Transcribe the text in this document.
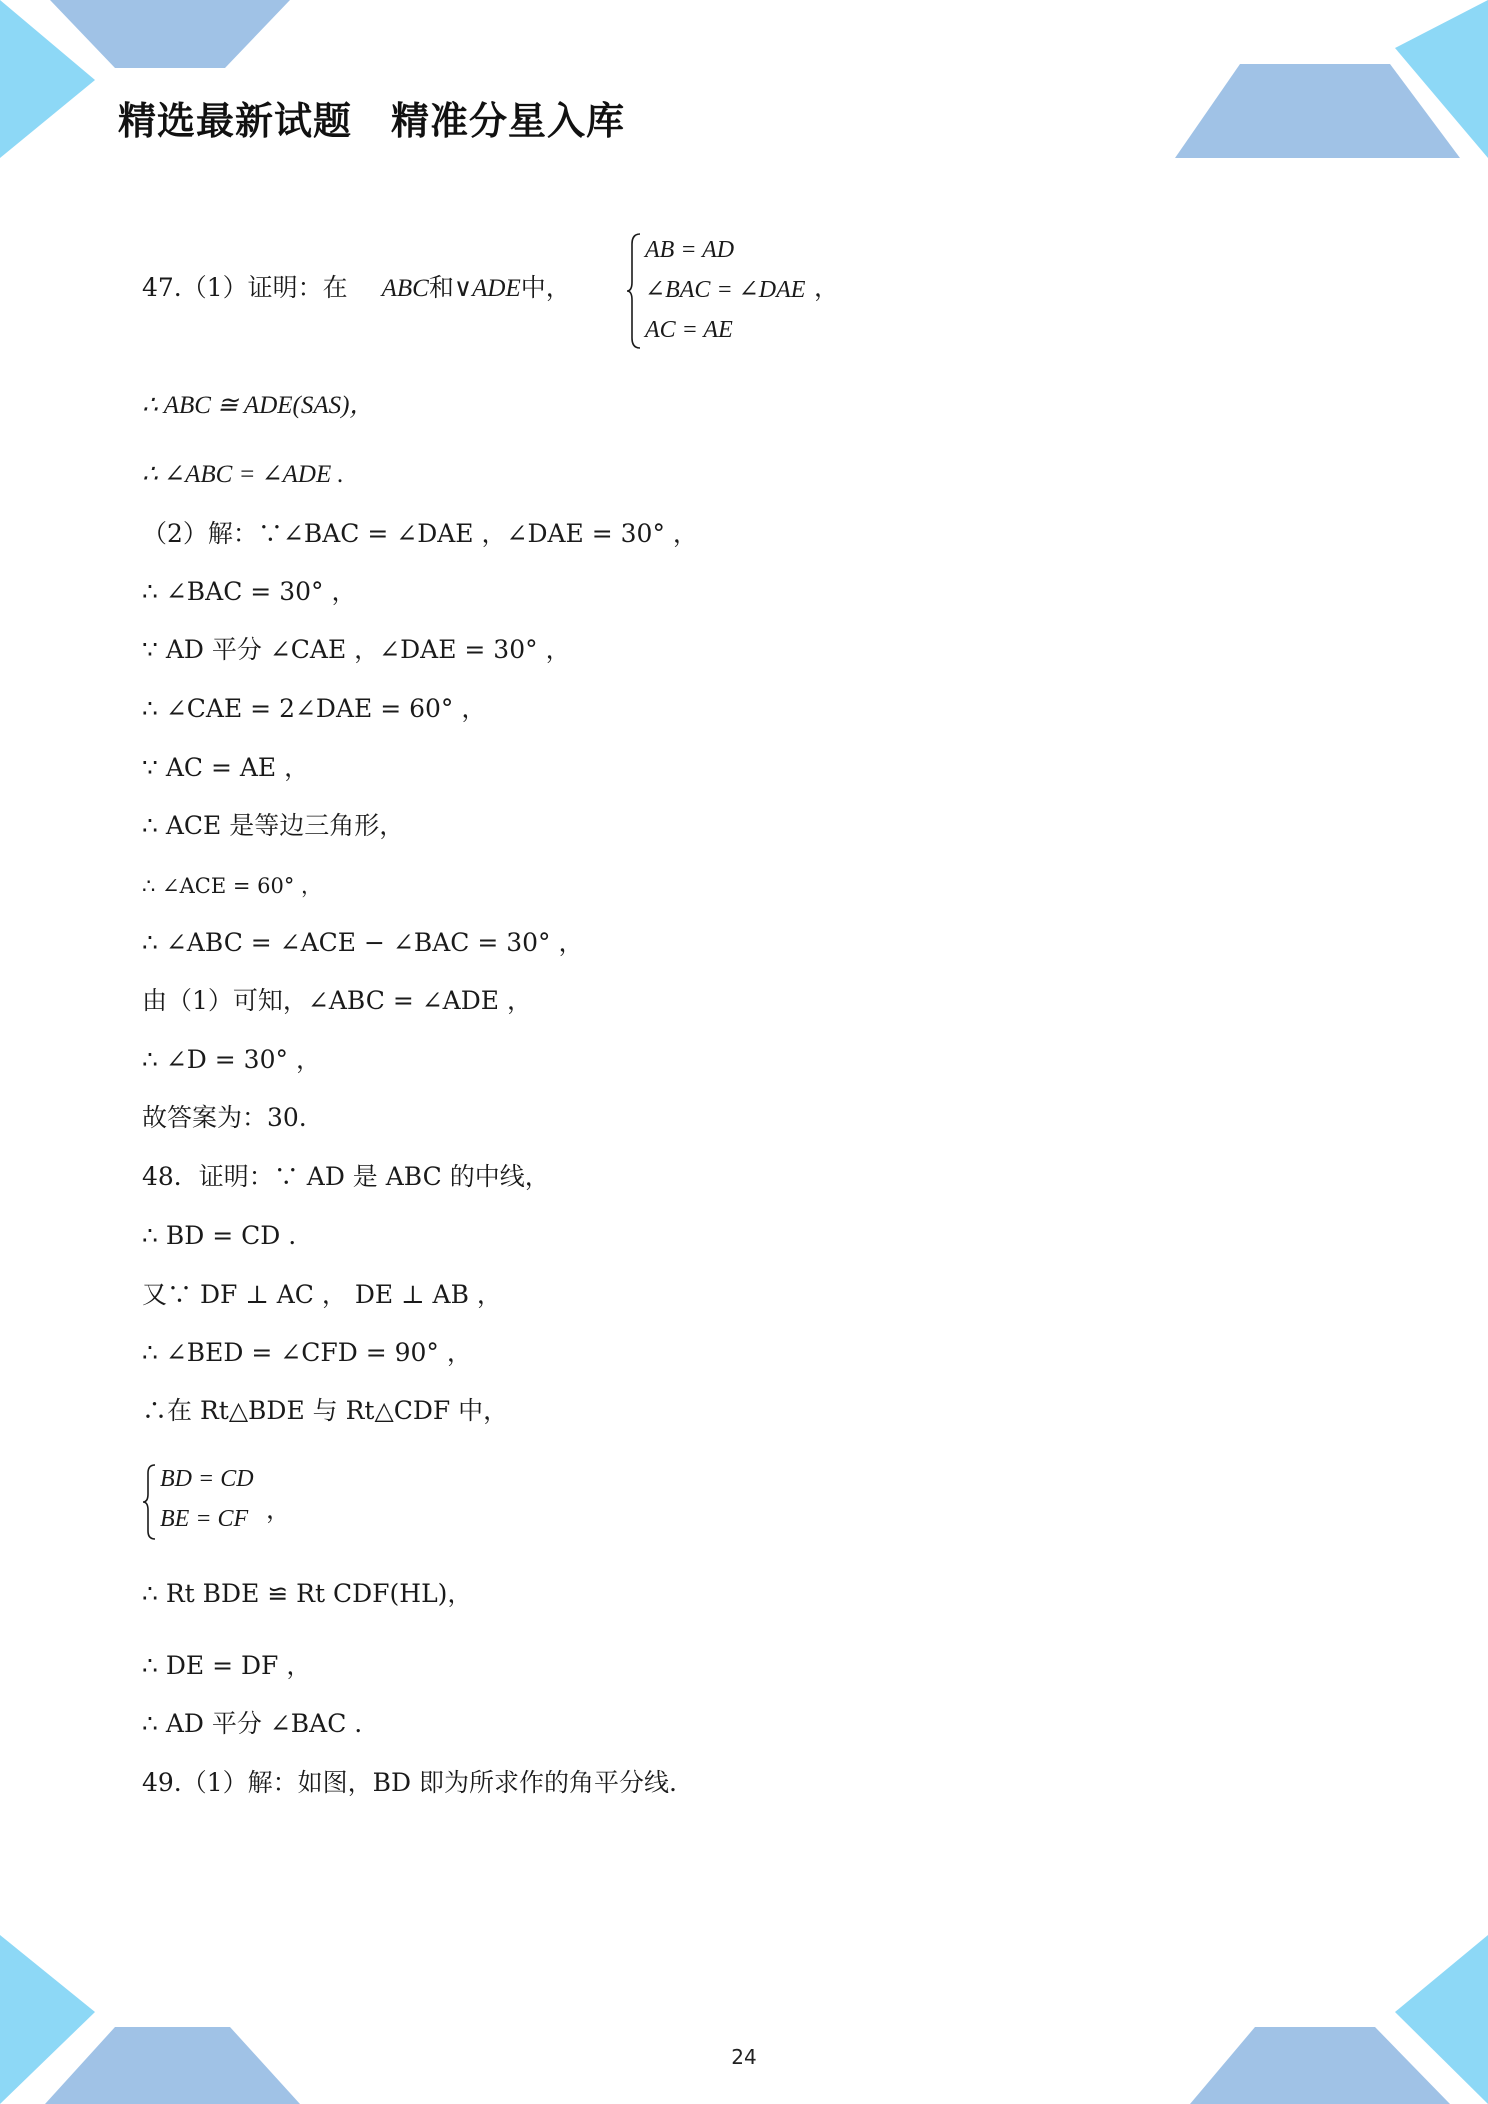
精选最新试题　精准分星入库
47.（1）证明：在 ABC和∨ADE中，
AB = AD
∠BAC = ∠DAE
AC = AE
，
∴ ABC ≅ ADE(SAS)，
∴ ∠ABC = ∠ADE .
（2）解：∵∠BAC = ∠DAE ，∠DAE = 30° ，
∴ ∠BAC = 30° ，
∵ AD 平分 ∠CAE ，∠DAE = 30° ，
∴ ∠CAE = 2∠DAE = 60° ，
∵ AC = AE ，
∴ ACE 是等边三角形，
∴ ∠ACE = 60° ，
∴ ∠ABC = ∠ACE − ∠BAC = 30° ，
由（1）可知，∠ABC = ∠ADE ，
∴ ∠D = 30° ，
故答案为：30.
48．证明：∵ AD 是 ABC 的中线，
∴ BD = CD .
又∵ DF ⊥ AC ， DE ⊥ AB ，
∴ ∠BED = ∠CFD = 90° ，
∴在 Rt△BDE 与 Rt△CDF 中，
BD = CD
BE = CF ，
∴ Rt BDE ≌ Rt CDF(HL)，
∴ DE = DF ，
∴ AD 平分 ∠BAC .
49.（1）解：如图，BD 即为所求作的角平分线.
24
